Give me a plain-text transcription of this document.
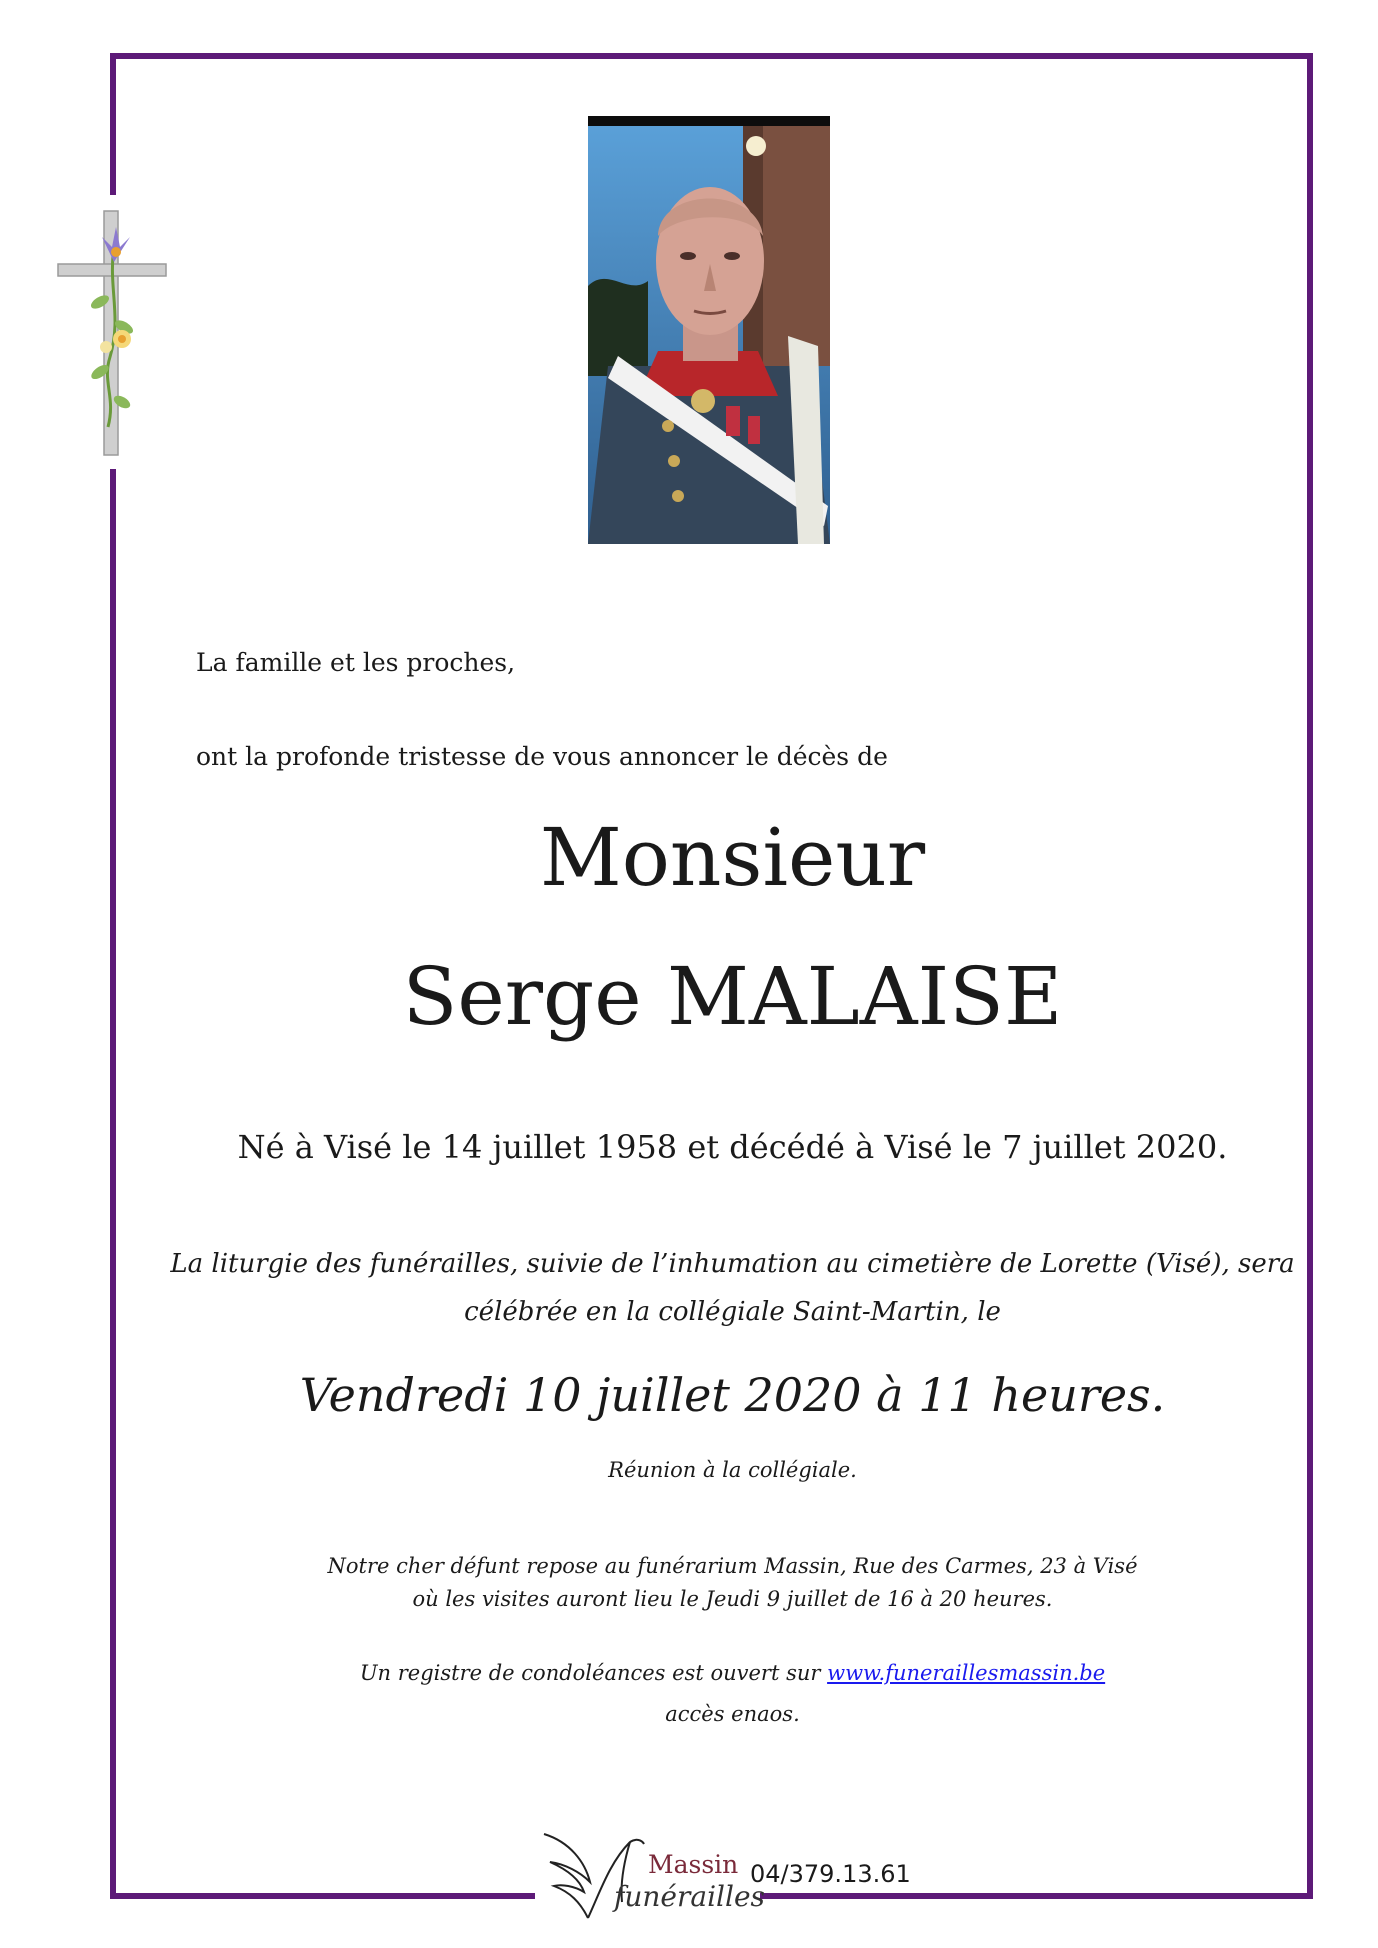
La famille et les proches,
ont la profonde tristesse de vous annoncer le décès de
Monsieur
Serge MALAISE
Né à Visé le 14 juillet 1958 et décédé à Visé le 7 juillet 2020.
La liturgie des funérailles, suivie de l’inhumation au cimetière de Lorette (Visé), sera
célébrée en la collégiale Saint-Martin, le
Vendredi 10 juillet 2020 à 11 heures.
Réunion à la collégiale.
Notre cher défunt repose au funérarium Massin, Rue des Carmes, 23 à Visé
où les visites auront lieu le Jeudi 9 juillet de 16 à 20 heures.
Un registre de condoléances est ouvert sur www.funeraillesmassin.be
accès enaos.
Massin
funérailles
04/379.13.61
